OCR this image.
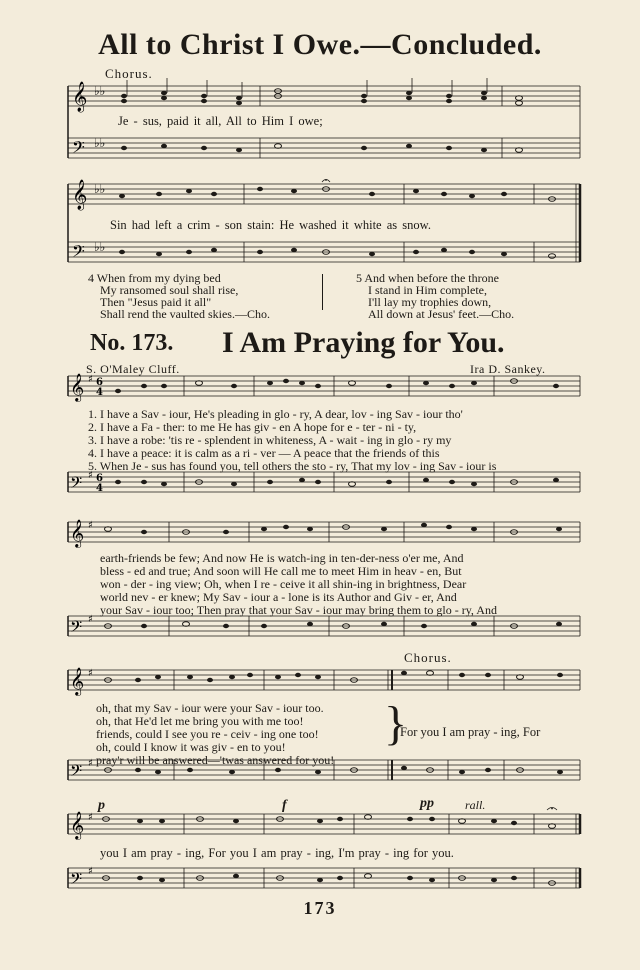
All to Christ I Owe.—Concluded.
Chorus.
𝄞
𝄢
♭♭
♭♭
Je - sus, paid it all, All to Him I owe;
𝄞
𝄢
♭♭
♭♭
Sin had left a crim - son stain: He washed it white as snow.
4 When from my dying bed
My ransomed soul shall rise,
Then "Jesus paid it all"
Shall rend the vaulted skies.—Cho.
5 And when before the throne
I stand in Him complete,
I'll lay my trophies down,
All down at Jesus' feet.—Cho.
No. 173. I Am Praying for You.
S. O'Maley Cluff.	Ira D. Sankey.
𝄞
𝄢
♯
♯
6
4
6
4
1. I have a Sav - iour, He's pleading in glo - ry, A dear, lov - ing Sav - iour tho'
2. I have a Fa - ther: to me He has giv - en A hope for e - ter - ni - ty,
3. I have a robe: 'tis re - splendent in whiteness, A - wait - ing in glo - ry my
4. I have a peace: it is calm as a ri - ver — A peace that the friends of this
5. When Je - sus has found you, tell others the sto - ry, That my lov - ing Sav - iour is
𝄞
𝄢
♯
♯
earth-friends be few; And now He is watch-ing in ten-der-ness o'er me, And
bless - ed and true; And soon will He call me to meet Him in heav - en, But
won - der - ing view; Oh, when I re - ceive it all shin-ing in brightness, Dear
world nev - er knew; My Sav - iour a - lone is its Author and Giv - er, And
your Sav - iour too; Then pray that your Sav - iour may bring them to glo - ry, And
Chorus.
𝄞
𝄢
♯
♯
oh, that my Sav - iour were your Sav - iour too.
oh, that He'd let me bring you with me too!
friends, could I see you re - ceiv - ing one too!
oh, could I know it was giv - en to you!
pray'r will be answered—'twas answered for you!
}
For you I am pray - ing, For
p	f	pp	rall.
𝄞
𝄢
♯
♯
you I am pray - ing, For you I am pray - ing, I'm pray - ing for you.
173
